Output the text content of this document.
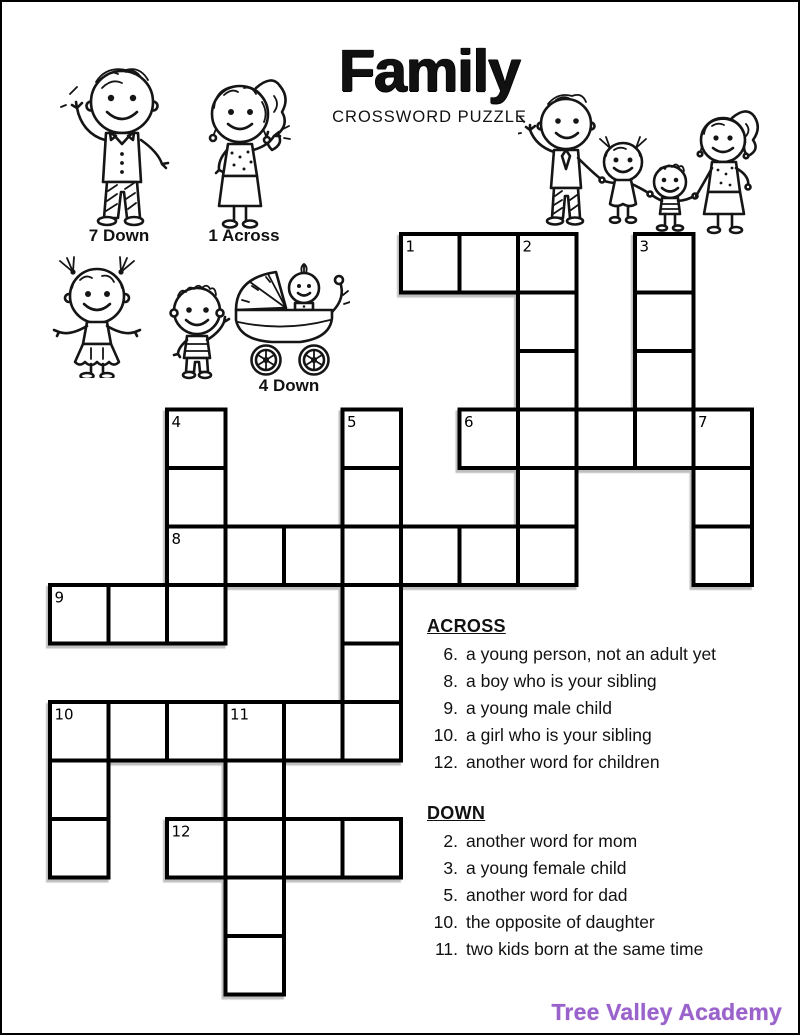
Family
CROSSWORD PUZZLE
7 Down	1 Across
4 Down
1	2	3
4	5	6	7
8
9
10	11
12
ACROSS
6. a young person, not an adult yet
8. a boy who is your sibling
9. a young male child
10. a girl who is your sibling
12. another word for children
DOWN
2. another word for mom
3. a young female child
5. another word for dad
10. the opposite of daughter
11. two kids born at the same time
Tree Valley Academy
